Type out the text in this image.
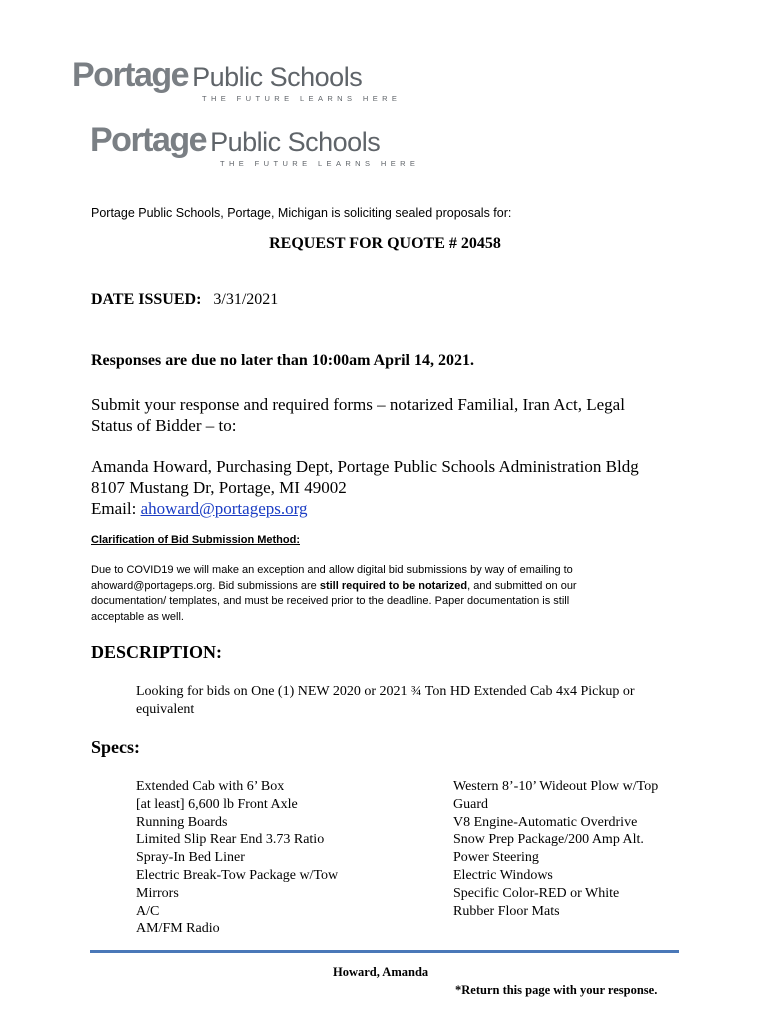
Portage Public Schools
THE FUTURE LEARNS HERE
Portage Public Schools
THE FUTURE LEARNS HERE
Portage Public Schools, Portage, Michigan is soliciting sealed proposals for:
REQUEST FOR QUOTE # 20458
DATE ISSUED: 3/31/2021
Responses are due no later than 10:00am April 14, 2021.
Submit your response and required forms – notarized Familial, Iran Act, Legal
Status of Bidder – to:
Amanda Howard, Purchasing Dept, Portage Public Schools Administration Bldg
8107 Mustang Dr, Portage, MI 49002
Email: ahoward@portageps.org
Clarification of Bid Submission Method:
Due to COVID19 we will make an exception and allow digital bid submissions by way of emailing to
ahoward@portageps.org. Bid submissions are still required to be notarized, and submitted on our
documentation/ templates, and must be received prior to the deadline. Paper documentation is still
acceptable as well.
DESCRIPTION:
Looking for bids on One (1) NEW 2020 or 2021 ¾ Ton HD Extended Cab 4x4 Pickup or
equivalent
Specs:
Extended Cab with 6’ Box
[at least] 6,600 lb Front Axle
Running Boards
Limited Slip Rear End 3.73 Ratio
Spray-In Bed Liner
Electric Break-Tow Package w/Tow
Mirrors
A/C
AM/FM Radio
Western 8’-10’ Wideout Plow w/Top
Guard
V8 Engine-Automatic Overdrive
Snow Prep Package/200 Amp Alt.
Power Steering
Electric Windows
Specific Color-RED or White
Rubber Floor Mats
Howard, Amanda
*Return this page with your response.
